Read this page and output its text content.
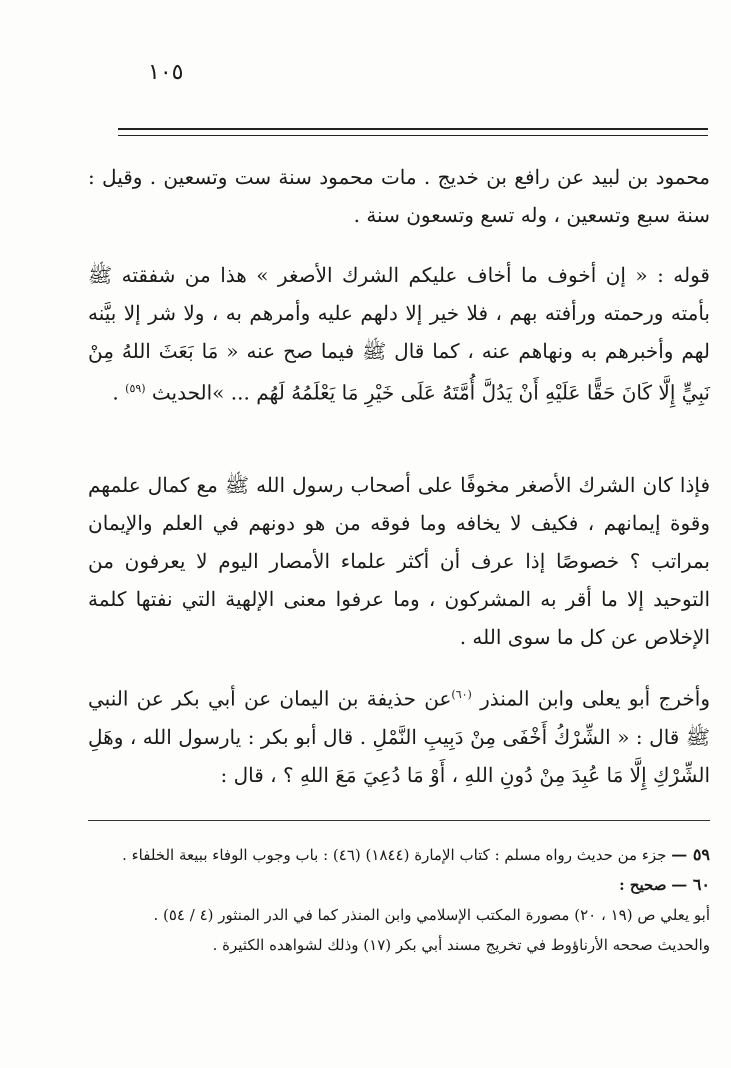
١٠٥

محمود بن لبيد عن رافع بن خديج . مات محمود سنة ست وتسعين . وقيل : سنة سبع وتسعين ، وله تسع وتسعون سنة .

قوله : « إن أخوف ما أخاف عليكم الشرك الأصغر » هذا من شفقته ﷺ بأمته ورحمته ورأفته بهم ، فلا خير إلا دلهم عليه وأمرهم به ، ولا شر إلا بيَّنه لهم وأخبرهم به ونهاهم عنه ، كما قال ﷺ فيما صح عنه « مَا بَعَثَ اللهُ مِنْ نَبِيٍّ إِلَّا كَانَ حَقًّا عَلَيْهِ أَنْ يَدُلَّ أُمَّتَهُ عَلَى خَيْرِ مَا يَعْلَمُهُ لَهُم ... »الحديث $^{(٥٩)}$ .

فإذا كان الشرك الأصغر مخوفًا على أصحاب رسول الله ﷺ مع كمال علمهم وقوة إيمانهم ، فكيف لا يخافه وما فوقه من هو دونهم في العلم والإيمان بمراتب ؟ خصوصًا إذا عرف أن أكثر علماء الأمصار اليوم لا يعرفون من التوحيد إلا ما أقر به المشركون ، وما عرفوا معنى الإلهية التي نفتها كلمة الإخلاص عن كل ما سوى الله .

وأخرج أبو يعلى وابن المنذر $^{(٦٠)}$عن حذيفة بن اليمان عن أبي بكر عن النبي ﷺ قال : « الشِّرْكُ أَخْفَى مِنْ دَبِيبِ النَّمْلِ . قال أبو بكر : يارسول الله ، وهَلِ الشِّرْكِ إِلَّا مَا عُبِدَ مِنْ دُونِ اللهِ ، أَوْ مَا دُعِيَ مَعَ اللهِ ؟ ، قال :

٥٩ — جزء من حديث رواه مسلم : كتاب الإمارة (١٨٤٤) (٤٦) : باب وجوب الوفاء ببيعة الخلفاء .

٦٠ — صحيح :

أبو يعلي ص (١٩ ، ٢٠) مصورة المكتب الإسلامي وابن المنذر كما في الدر المنثور (٤ / ٥٤) .

والحديث صححه الأرناؤوط في تخريج مسند أبي بكر (١٧) وذلك لشواهده الكثيرة .
